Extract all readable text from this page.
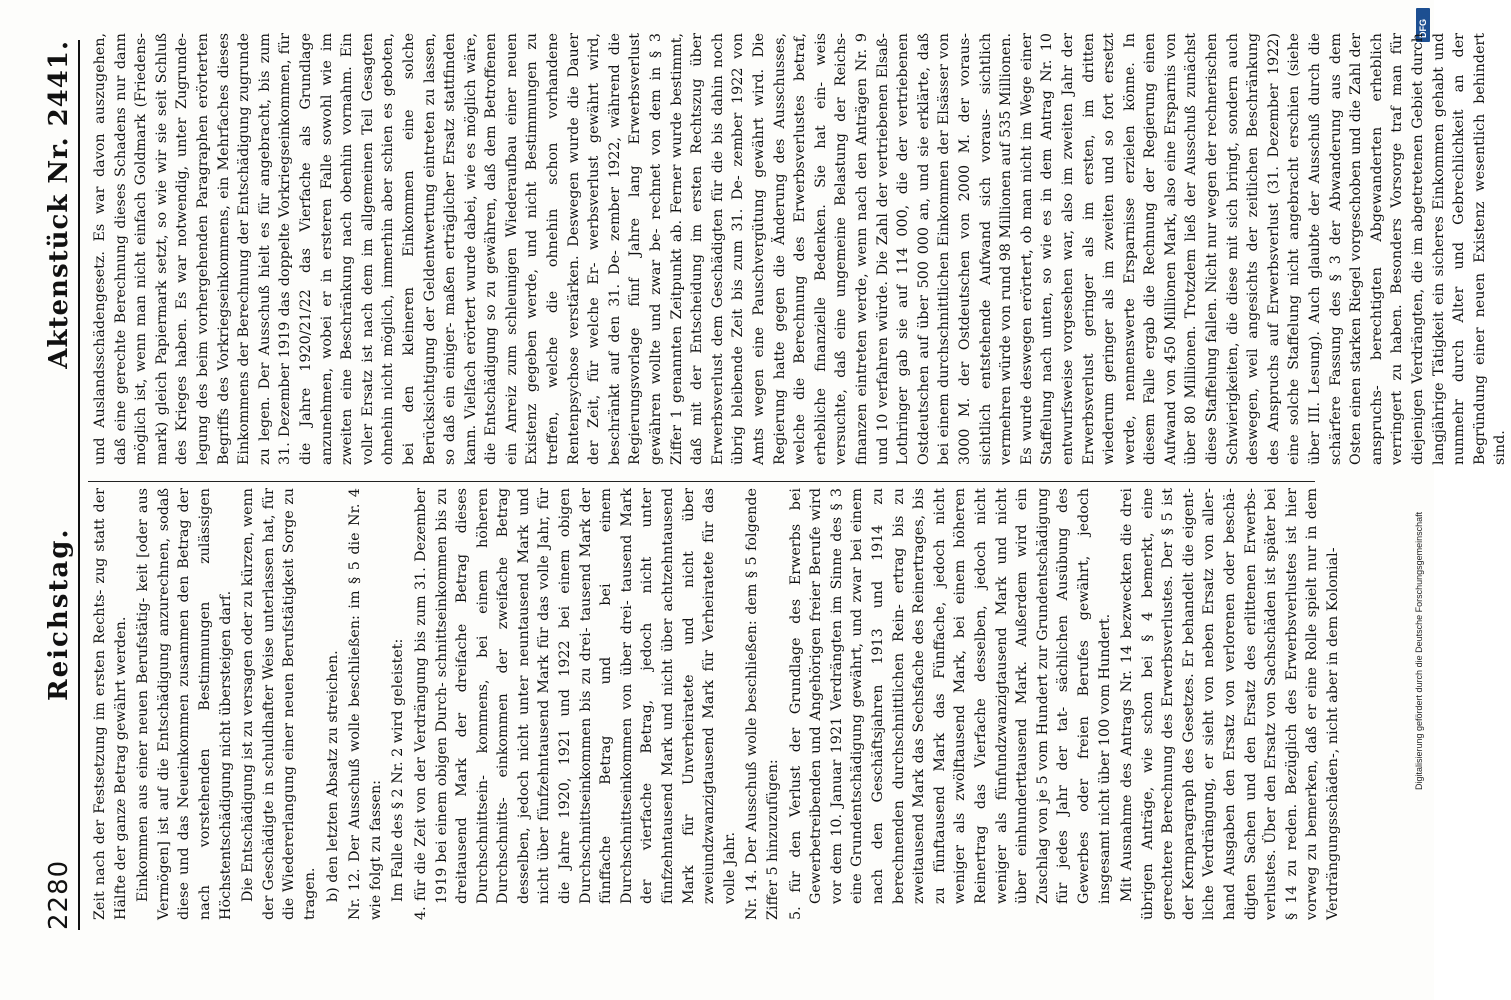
DFG
Digitalisierung gefördert durch die Deutsche Forschungsgemeinschaft
2280
Reichstag.
Aktenstück Nr. 2441.

Zeit nach der Festsetzung im ersten Rechts- zug statt der Hälfte der ganze Betrag gewährt werden. Einkommen aus einer neuen Berufstätig- keit [oder aus Vermögen] ist auf die Entschädigung anzurechnen, sodaß diese und das Neueinkommen zusammen den Betrag der nach vorstehenden Bestimmungen zulässigen Höchstentschädigung nicht übersteigen darf. Die Entschädigung ist zu versagen oder zu kürzen, wenn der Geschädigte in schuldhafter Weise unterlassen hat, für die Wiedererlangung einer neuen Berufstätigkeit Sorge zu tragen. b) den letzten Absatz zu streichen. Nr. 12. Der Ausschuß wolle beschließen: im § 5 die Nr. 4 wie folgt zu fassen: Im Falle des § 2 Nr. 2 wird geleistet: 4. für die Zeit von der Verdrängung bis zum 31. Dezember 1919 bei einem obigen Durch- schnittseinkommen bis zu dreitausend Mark der dreifache Betrag dieses Durchschnittsein- kommens, bei einem höheren Durchschnitts- einkommen der zweifache Betrag desselben, jedoch nicht unter neuntausend Mark und nicht über fünfzehntausend Mark für das volle Jahr, für die Jahre 1920, 1921 und 1922 bei einem obigen Durchschnittseinkommen bis zu drei- tausend Mark der fünffache Betrag und bei einem Durchschnittseinkommen von über drei- tausend Mark der vierfache Betrag, jedoch nicht unter fünfzehntausend Mark und nicht über achtzehntausend Mark für Unverheiratete und nicht über zweiundzwanzigtausend Mark für Verheiratete für das volle Jahr. Nr. 14. Der Ausschuß wolle beschließen: dem § 5 folgende Ziffer 5 hinzuzufügen: 5. für den Verlust der Grundlage des Erwerbs bei Gewerbetreibenden und Angehörigen freier Berufe wird vor dem 10. Januar 1921 Verdrängten im Sinne des § 3 eine Grundentschädigung gewährt, und zwar bei einem nach den Geschäftsjahren 1913 und 1914 zu berechnenden durchschnittlichen Rein- ertrag bis zu zweitausend Mark das Sechsfache des Reinertrages, bis zu fünftausend Mark das Fünffache, jedoch nicht weniger als zwölftausend Mark, bei einem höheren Reinertrag das Vierfache desselben, jedoch nicht weniger als fünfundzwanzigtausend Mark und nicht über einhunderttausend Mark. Außerdem wird ein Zuschlag von je 5 vom Hundert zur Grundentschädigung für jedes Jahr der tat- sächlichen Ausübung des Gewerbes oder freien Berufes gewährt, jedoch insgesamt nicht über 100 vom Hundert. Mit Ausnahme des Antrags Nr. 14 bezweckten die drei übrigen Anträge, wie schon bei § 4 bemerkt, eine gerechtere Berechnung des Erwerbsverlustes. Der § 5 ist der Kernparagraph des Gesetzes. Er behandelt die eigent- liche Verdrängung, er sieht von neben Ersatz von aller- hand Ausgaben den Ersatz von verlorenen oder beschä- digten Sachen und den Ersatz des erlittenen Erwerbs- verlustes. Über den Ersatz von Sachschäden ist später bei § 14 zu reden. Bezüglich des Erwerbsverlustes ist hier vorweg zu bemerken, daß er eine Rolle spielt nur in dem Verdrängungsschäden-, nicht aber in dem Kolonial-

und Auslandsschädengesetz. Es war davon auszugehen, daß eine gerechte Berechnung dieses Schadens nur dann möglich ist, wenn man nicht einfach Goldmark (Friedens- mark) gleich Papiermark setzt, so wie wir sie seit Schluß des Krieges haben. Es war notwendig, unter Zugrunde- legung des beim vorhergehenden Paragraphen erörterten Begriffs des Vorkriegseinkommens, ein Mehrfaches dieses Einkommens der Berechnung der Entschädigung zugrunde zu legen. Der Ausschuß hielt es für angebracht, bis zum 31. Dezember 1919 das doppelte Vorkriegseinkommen, für die Jahre 1920/21/22 das Vierfache als Grundlage anzunehmen, wobei er in ersteren Falle sowohl wie im zweiten eine Beschränkung nach obenhin vornahm. Ein voller Ersatz ist nach dem im allgemeinen Teil Gesagten ohnehin nicht möglich, immerhin aber schien es geboten, bei den kleineren Einkommen eine solche Berücksichtigung der Geldentwertung eintreten zu lassen, so daß ein einiger- maßen erträglicher Ersatz stattfinden kann. Vielfach erörtert wurde dabei, wie es möglich wäre, die Entschädigung so zu gewähren, daß dem Betroffenen ein Anreiz zum schleunigen Wiederaufbau einer neuen Existenz gegeben werde, und nicht Bestimmungen zu treffen, welche die ohnehin schon vorhandene Rentenpsychose verstärken. Deswegen wurde die Dauer der Zeit, für welche Er- werbsverlust gewährt wird, beschränkt auf den 31. De- zember 1922, während die Regierungsvorlage fünf Jahre lang Erwerbsverlust gewähren wollte und zwar be- rechnet von dem in § 3 Ziffer 1 genannten Zeitpunkt ab. Ferner wurde bestimmt, daß mit der Entscheidung im ersten Rechtszug über Erwerbsverlust dem Geschädigten für die bis dahin noch übrig bleibende Zeit bis zum 31. De- zember 1922 von Amts wegen eine Pauschvergütung gewährt wird. Die Regierung hatte gegen die Änderung des Ausschusses, welche die Berechnung des Erwerbsverlustes betraf, erhebliche finanzielle Bedenken. Sie hat ein- weis versuchte, daß eine ungemeine Belastung der Reichs- finanzen eintreten werde, wenn nach den Anträgen Nr. 9 und 10 verfahren würde. Die Zahl der vertriebenen Elsaß-Lothringer gab sie auf 114 000, die der vertriebenen Ostdeutschen auf über 500 000 an, und sie erklärte, daß bei einem durchschnittlichen Einkommen der Elsässer von 3000 M. der Ostdeutschen von 2000 M. der voraus- sichtlich entstehende Aufwand sich voraus- sichtlich vermehren würde von rund 98 Millionen auf 535 Millionen. Es wurde deswegen erörtert, ob man nicht im Wege einer Staffelung nach unten, so wie es in dem Antrag Nr. 10 entwurfsweise vorgesehen war, also im zweiten Jahr der Erwerbsverlust geringer als im ersten, im dritten wiederum geringer als im zweiten und so fort ersetzt werde, nennenswerte Ersparnisse erzielen könne. In diesem Falle ergab die Rechnung der Regierung einen Aufwand von 450 Millionen Mark, also eine Ersparnis von über 80 Millionen. Trotzdem ließ der Ausschuß zunächst diese Staffelung fallen. Nicht nur wegen der rechnerischen Schwierigkeiten, die diese mit sich bringt, sondern auch deswegen, weil angesichts der zeitlichen Beschränkung des Anspruchs auf Erwerbsverlust (31. Dezember 1922) eine solche Staffelung nicht angebracht erschien (siehe über III. Lesung). Auch glaubte der Ausschuß durch die schärfere Fassung des § 3 der Abwanderung aus dem Osten einen starken Riegel vorgeschoben und die Zahl der anspruchs- berechtigten Abgewanderten erheblich verringert zu haben. Besonders Vorsorge traf man für diejenigen Verdrängten, die im abgetretenen Gebiet durch langjährige Tätigkeit ein sicheres Einkommen gehabt und nunmehr durch Alter und Gebrechlichkeit an der Begründung einer neuen Existenz wesentlich behindert sind.
